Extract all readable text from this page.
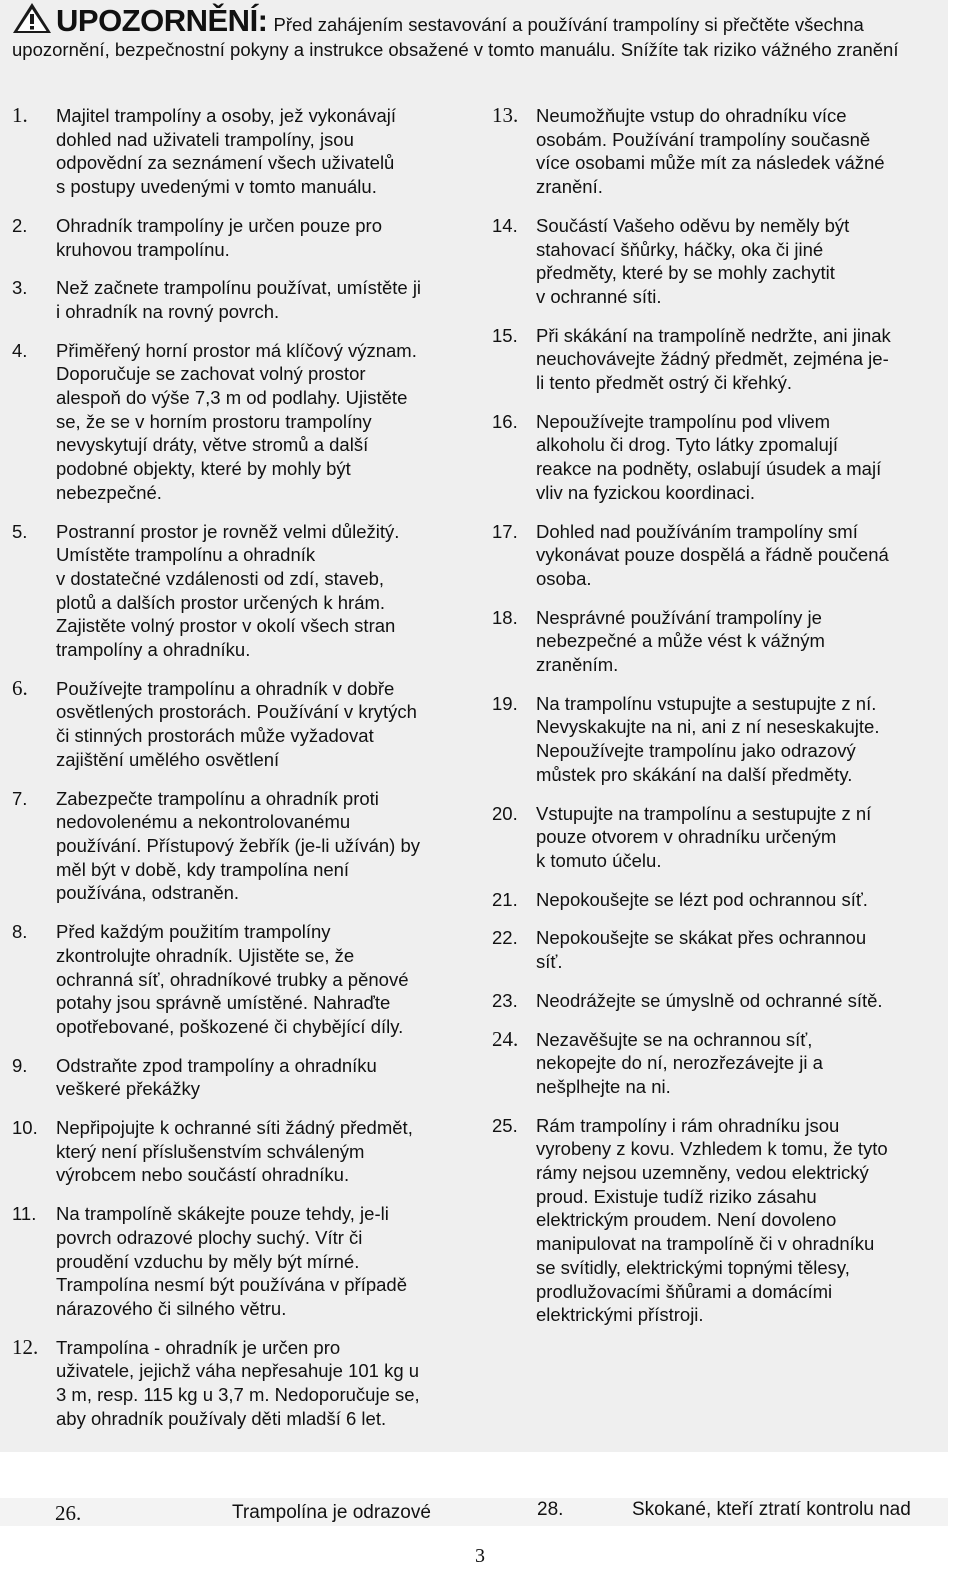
UPOZORNĚNÍ: Před zahájením sestavování a používání trampolíny si přečtěte všechna upozornění, bezpečnostní pokyny a instrukce obsažené v tomto manuálu. Snížíte tak riziko vážného zranění
1. Majitel trampolíny a osoby, jež vykonávají
dohled nad uživateli trampolíny, jsou
odpovědní za seznámení všech uživatelů
s postupy uvedenými v tomto manuálu.
2. Ohradník trampolíny je určen pouze pro
kruhovou trampolínu.
3. Než začnete trampolínu používat, umístěte ji
i ohradník na rovný povrch.
4. Přiměřený horní prostor má klíčový význam.
Doporučuje se zachovat volný prostor
alespoň do výše 7,3 m od podlahy. Ujistěte
se, že se v horním prostoru trampolíny
nevyskytují dráty, větve stromů a další
podobné objekty, které by mohly být
nebezpečné.
5. Postranní prostor je rovněž velmi důležitý.
Umístěte trampolínu a ohradník
v dostatečné vzdálenosti od zdí, staveb,
plotů a dalších prostor určených k hrám.
Zajistěte volný prostor v okolí všech stran
trampolíny a ohradníku.
6. Používejte trampolínu a ohradník v dobře
osvětlených prostorách. Používání v krytých
či stinných prostorách může vyžadovat
zajištění umělého osvětlení
7. Zabezpečte trampolínu a ohradník proti
nedovolenému a nekontrolovanému
používání. Přístupový žebřík (je-li užíván) by
měl být v době, kdy trampolína není
používána, odstraněn.
8. Před každým použitím trampolíny
zkontrolujte ohradník. Ujistěte se, že
ochranná síť, ohradníkové trubky a pěnové
potahy jsou správně umístěné. Nahraďte
opotřebované, poškozené či chybějící díly.
9. Odstraňte zpod trampolíny a ohradníku
veškeré překážky
10. Nepřipojujte k ochranné síti žádný předmět,
který není příslušenstvím schváleným
výrobcem nebo součástí ohradníku.
11. Na trampolíně skákejte pouze tehdy, je-li
povrch odrazové plochy suchý. Vítr či
proudění vzduchu by měly být mírné.
Trampolína nesmí být používána v případě
nárazového či silného větru.
12. Trampolína - ohradník je určen pro
uživatele, jejichž váha nepřesahuje 101 kg u
3 m, resp. 115 kg u 3,7 m. Nedoporučuje se,
aby ohradník používaly děti mladší 6 let.
13. Neumožňujte vstup do ohradníku více
osobám. Používání trampolíny současně
více osobami může mít za následek vážné
zranění.
14. Součástí Vašeho oděvu by neměly být
stahovací šňůrky, háčky, oka či jiné
předměty, které by se mohly zachytit
v ochranné síti.
15. Při skákání na trampolíně nedržte, ani jinak
neuchovávejte žádný předmět, zejména je-
li tento předmět ostrý či křehký.
16. Nepoužívejte trampolínu pod vlivem
alkoholu či drog. Tyto látky zpomalují
reakce na podněty, oslabují úsudek a mají
vliv na fyzickou koordinaci.
17. Dohled nad používáním trampolíny smí
vykonávat pouze dospělá a řádně poučená
osoba.
18. Nesprávné používání trampolíny je
nebezpečné a může vést k vážným
zraněním.
19. Na trampolínu vstupujte a sestupujte z ní.
Nevyskakujte na ni, ani z ní neseskakujte.
Nepoužívejte trampolínu jako odrazový
můstek pro skákání na další předměty.
20. Vstupujte na trampolínu a sestupujte z ní
pouze otvorem v ohradníku určeným
k tomuto účelu.
21. Nepokoušejte se lézt pod ochrannou síť.
22. Nepokoušejte se skákat přes ochrannou
síť.
23. Neodrážejte se úmyslně od ochranné sítě.
24. Nezavěšujte se na ochrannou síť,
nekopejte do ní, nerozřezávejte ji a
nešplhejte na ni.
25. Rám trampolíny i rám ohradníku jsou
vyrobeny z kovu. Vzhledem k tomu, že tyto
rámy nejsou uzemněny, vedou elektrický
proud. Existuje tudíž riziko zásahu
elektrickým proudem. Není dovoleno
manipulovat na trampolíně či v ohradníku
se svítidly, elektrickými topnými tělesy,
prodlužovacími šňůrami a domácími
elektrickými přístroji.
26.	Trampolína je odrazové	28.	Skokané, kteří ztratí kontrolu nad
3
